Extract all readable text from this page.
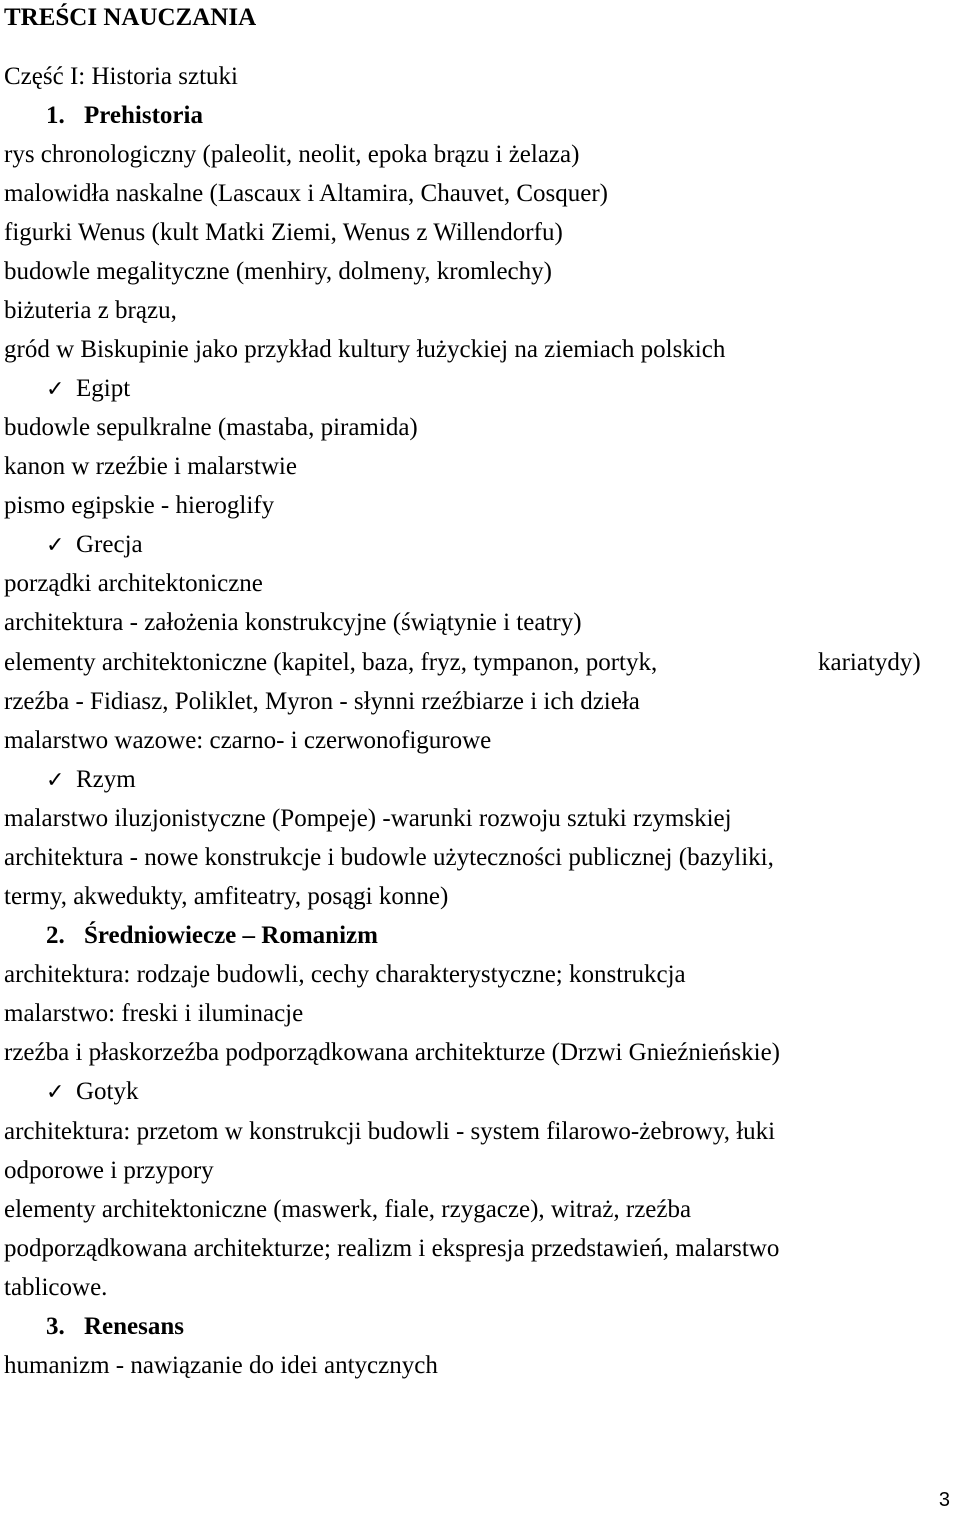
TREŚCI NAUCZANIA
Część I: Historia sztuki
1. Prehistoria
rys chronologiczny (paleolit, neolit, epoka brązu i żelaza)
malowidła naskalne (Lascaux i Altamira, Chauvet, Cosquer)
figurki Wenus (kult Matki Ziemi, Wenus z Willendorfu)
budowle megalityczne (menhiry, dolmeny, kromlechy)
biżuteria z brązu,
gród w Biskupinie jako przykład kultury łużyckiej na ziemiach polskich
✓ Egipt
budowle sepulkralne (mastaba, piramida)
kanon w rzeźbie i malarstwie
pismo egipskie - hieroglify
✓ Grecja
porządki architektoniczne
architektura - założenia konstrukcyjne (świątynie i teatry)
elementy architektoniczne (kapitel, baza, fryz, tympanon, portyk,	kariatydy)
rzeźba - Fidiasz, Poliklet, Myron - słynni rzeźbiarze i ich dzieła
malarstwo wazowe: czarno- i czerwonofigurowe
✓ Rzym
malarstwo iluzjonistyczne (Pompeje) -warunki rozwoju sztuki rzymskiej
architektura - nowe konstrukcje i budowle użyteczności publicznej (bazyliki,
termy, akwedukty, amfiteatry, posągi konne)
2. Średniowiecze – Romanizm
architektura: rodzaje budowli, cechy charakterystyczne; konstrukcja
malarstwo: freski i iluminacje
rzeźba i płaskorzeźba podporządkowana architekturze (Drzwi Gnieźnieńskie)
✓ Gotyk
architektura: przetom w konstrukcji budowli - system filarowo-żebrowy, łuki
odporowe i przypory
elementy architektoniczne (maswerk, fiale, rzygacze), witraż, rzeźba
podporządkowana architekturze; realizm i ekspresja przedstawień, malarstwo
tablicowe.
3. Renesans
humanizm - nawiązanie do idei antycznych
3
